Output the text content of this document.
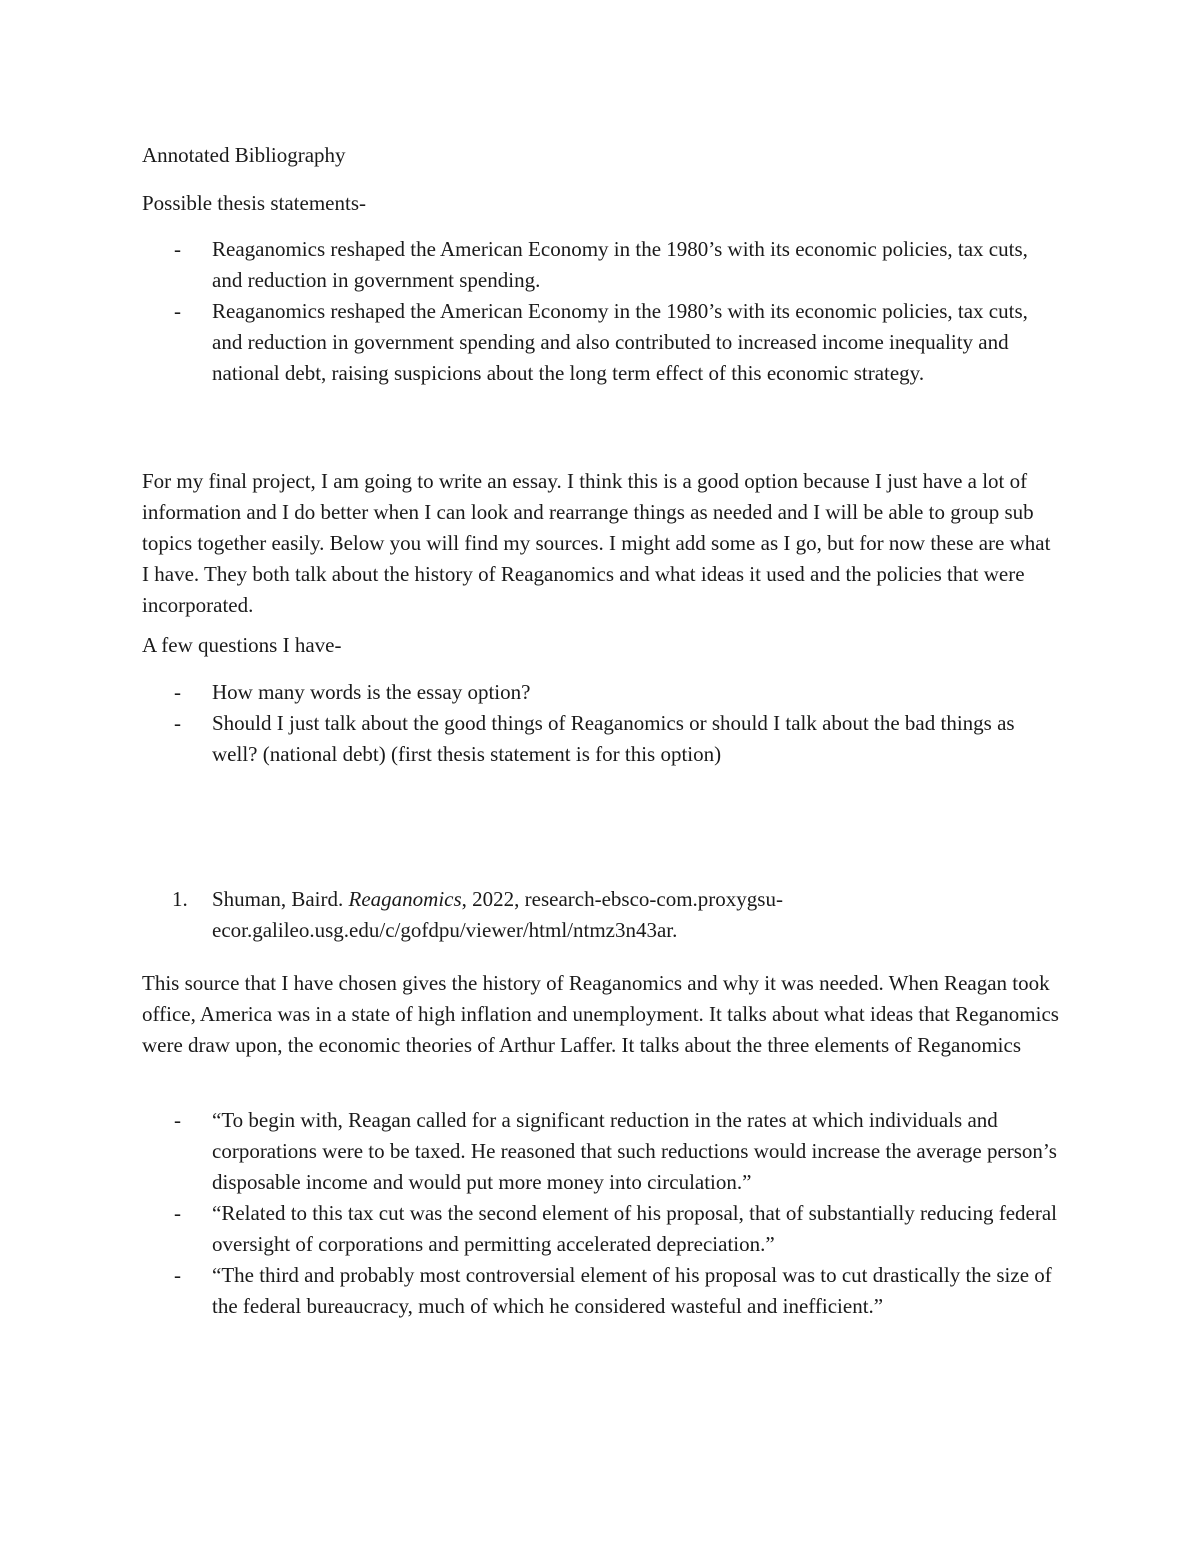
Annotated Bibliography

Possible thesis statements-

- Reaganomics reshaped the American Economy in the 1980’s with its economic policies, tax cuts, and reduction in government spending.
- Reaganomics reshaped the American Economy in the 1980’s with its economic policies, tax cuts, and reduction in government spending and also contributed to increased income inequality and national debt, raising suspicions about the long term effect of this economic strategy.

For my final project, I am going to write an essay. I think this is a good option because I just have a lot of information and I do better when I can look and rearrange things as needed and I will be able to group sub topics together easily. Below you will find my sources. I might add some as I go, but for now these are what I have. They both talk about the history of Reaganomics and what ideas it used and the policies that were incorporated.

A few questions I have-

- How many words is the essay option?
- Should I just talk about the good things of Reaganomics or should I talk about the bad things as well? (national debt) (first thesis statement is for this option)
1.	Shuman, Baird. Reaganomics, 2022, research-ebsco-com.proxygsu-ecor.galileo.usg.edu/c/gofdpu/viewer/html/ntmz3n43ar.

This source that I have chosen gives the history of Reaganomics and why it was needed. When Reagan took office, America was in a state of high inflation and unemployment. It talks about what ideas that Reganomics were draw upon, the economic theories of Arthur Laffer. It talks about the three elements of Reganomics

- “To begin with, Reagan called for a significant reduction in the rates at which individuals and corporations were to be taxed. He reasoned that such reductions would increase the average person’s disposable income and would put more money into circulation.”
- “Related to this tax cut was the second element of his proposal, that of substantially reducing federal oversight of corporations and permitting accelerated depreciation.”
- “The third and probably most controversial element of his proposal was to cut drastically the size of the federal bureaucracy, much of which he considered wasteful and inefficient.”
